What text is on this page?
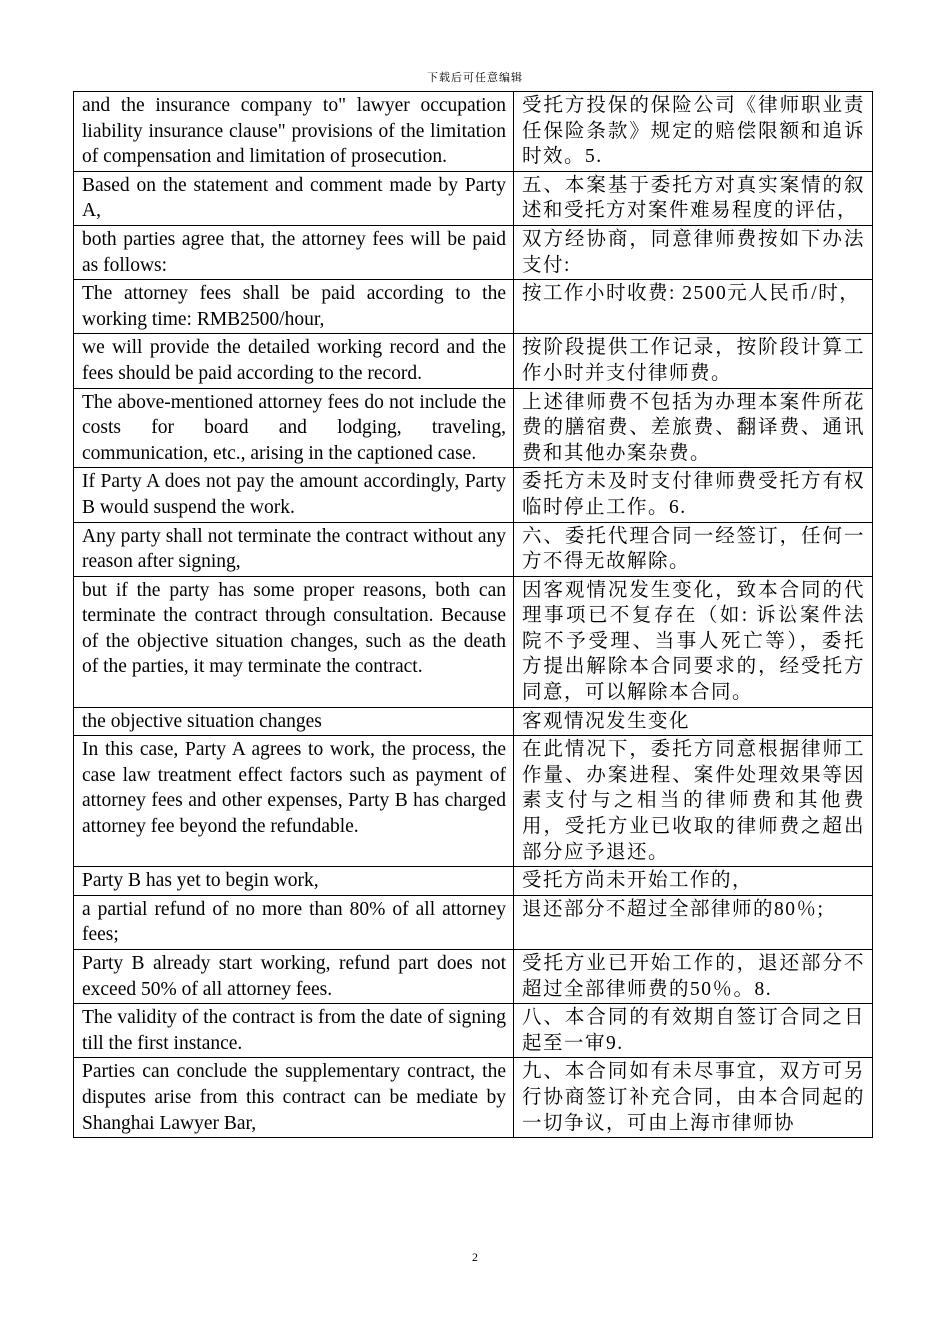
下载后可任意编辑
and the insurance company to" lawyer occupation liability insurance clause" provisions of the limitation of compensation and limitation of prosecution.	受托方投保的保险公司《律师职业责任保险条款》规定的赔偿限额和追诉时效。5.
Based on the statement and comment made by Party A,	五、本案基于委托方对真实案情的叙述和受托方对案件难易程度的评估，
both parties agree that, the attorney fees will be paid as follows:	双方经协商，同意律师费按如下办法支付:
The attorney fees shall be paid according to the working time: RMB2500/hour,	按工作小时收费: 2500元人民币/时，
we will provide the detailed working record and the fees should be paid according to the record.	按阶段提供工作记录，按阶段计算工作小时并支付律师费。
The above-mentioned attorney fees do not include the costs for board and lodging, traveling, communication, etc., arising in the captioned case.	上述律师费不包括为办理本案件所花费的膳宿费、差旅费、翻译费、通讯费和其他办案杂费。
If Party A does not pay the amount accordingly, Party B would suspend the work.	委托方未及时支付律师费受托方有权临时停止工作。6.
Any party shall not terminate the contract without any reason after signing,	六、委托代理合同一经签订，任何一方不得无故解除。
but if the party has some proper reasons, both can terminate the contract through consultation. Because of the objective situation changes, such as the death of the parties, it may terminate the contract.	因客观情况发生变化，致本合同的代理事项已不复存在（如: 诉讼案件法院不予受理、当事人死亡等），委托方提出解除本合同要求的，经受托方同意，可以解除本合同。
the objective situation changes	客观情况发生变化
In this case, Party A agrees to work, the process, the case law treatment effect factors such as payment of attorney fees and other expenses, Party B has charged attorney fee beyond the refundable.	在此情况下，委托方同意根据律师工作量、办案进程、案件处理效果等因素支付与之相当的律师费和其他费用，受托方业已收取的律师费之超出部分应予退还。
Party B has yet to begin work,	受托方尚未开始工作的，
a partial refund of no more than 80% of all attorney fees;	退还部分不超过全部律师的80％;
Party B already start working, refund part does not exceed 50% of all attorney fees.	受托方业已开始工作的，退还部分不超过全部律师费的50％。8.
The validity of the contract is from the date of signing till the first instance.	八、本合同的有效期自签订合同之日起至一审9.
Parties can conclude the supplementary contract, the disputes arise from this contract can be mediate by Shanghai Lawyer Bar,	九、本合同如有未尽事宜，双方可另行协商签订补充合同，由本合同起的一切争议，可由上海市律师协
2
